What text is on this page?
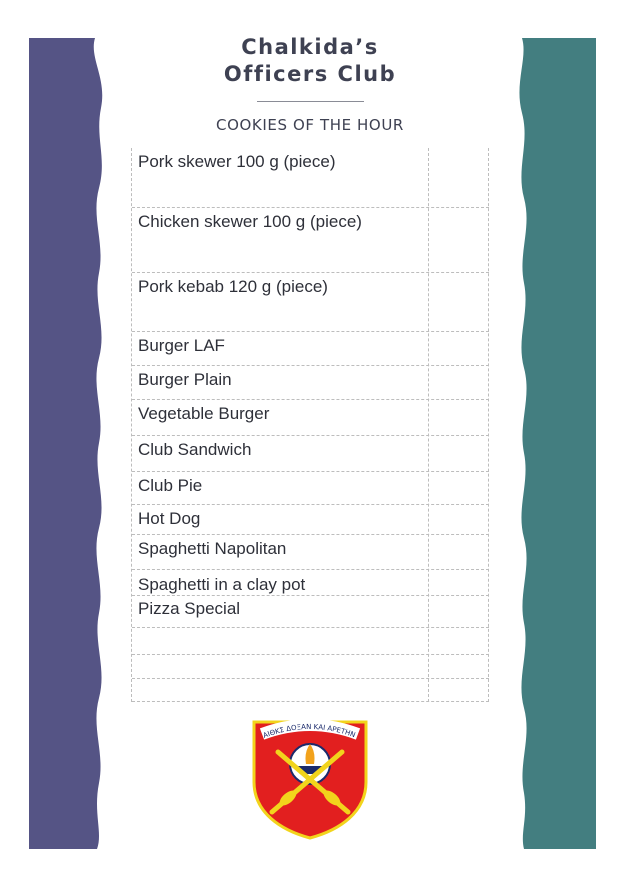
Chalkida’s
Officers Club
COOKIES OF THE HOUR
Pork skewer 100 g (piece)
Chicken skewer 100 g (piece)
Pork kebab 120 g (piece)
Burger LAF
Burger Plain
Vegetable Burger
Club Sandwich
Club Pie
Hot Dog
Spaghetti Napolitan
Spaghetti in a clay pot
Pizza Special
ΑΙΘΚΣ ΔΟΞΑΝ ΚΑΙ ΑΡΕΤΗΝ
